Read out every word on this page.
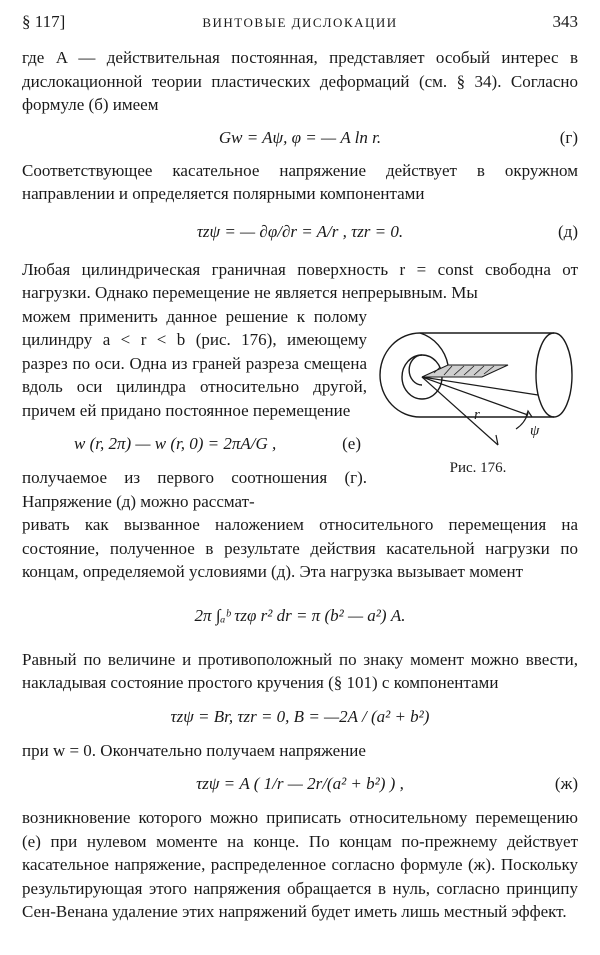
§ 117]	ВИНТОВЫЕ ДИСЛОКАЦИИ	343

где A — действительная постоянная, представляет особый интерес в дислокационной теории пластических деформаций (см. § 34). Согласно формуле (б) имеем

Gw = Aψ, φ = — A ln r.	(г)

Соответствующее касательное напряжение действует в окружном направлении и определяется полярными компонентами

τzψ = — ∂φ/∂r = A/r , τzr = 0.	(д)

Любая цилиндрическая граничная поверхность r = const свободна от нагрузки. Однако перемещение не является непрерывным. Мы

можем применить данное решение к полому цилиндру a < r < b (рис. 176), имеющему разрез по оси. Одна из граней разреза смещена вдоль оси цилиндра относительно другой, причем ей придано постоянное перемещение

w (r, 2π) — w (r, 0) = 2πA/G ,	(е)

получаемое из первого соотношения (г). Напряжение (д) можно рассмат-

r
ψ
Рис. 176.

ривать как вызванное наложением относительного перемещения на состояние, полученное в результате действия касательной нагрузки по концам, определяемой условиями (д). Эта нагрузка вызывает момент

2π ∫ₐᵇ τzφ r² dr = π (b² — a²) A.

Равный по величине и противоположный по знаку момент можно ввести, накладывая состояние простого кручения (§ 101) с компонентами

τzψ = Br, τzr = 0, B = —2A / (a² + b²)

при w = 0. Окончательно получаем напряжение

τzψ = A ( 1/r — 2r/(a² + b²) ) ,	(ж)

возникновение которого можно приписать относительному перемещению (е) при нулевом моменте на конце. По концам по-прежнему действует касательное напряжение, распределенное согласно формуле (ж). Поскольку результирующая этого напряжения обращается в нуль, согласно принципу Сен-Венана удаление этих напряжений будет иметь лишь местный эффект.
